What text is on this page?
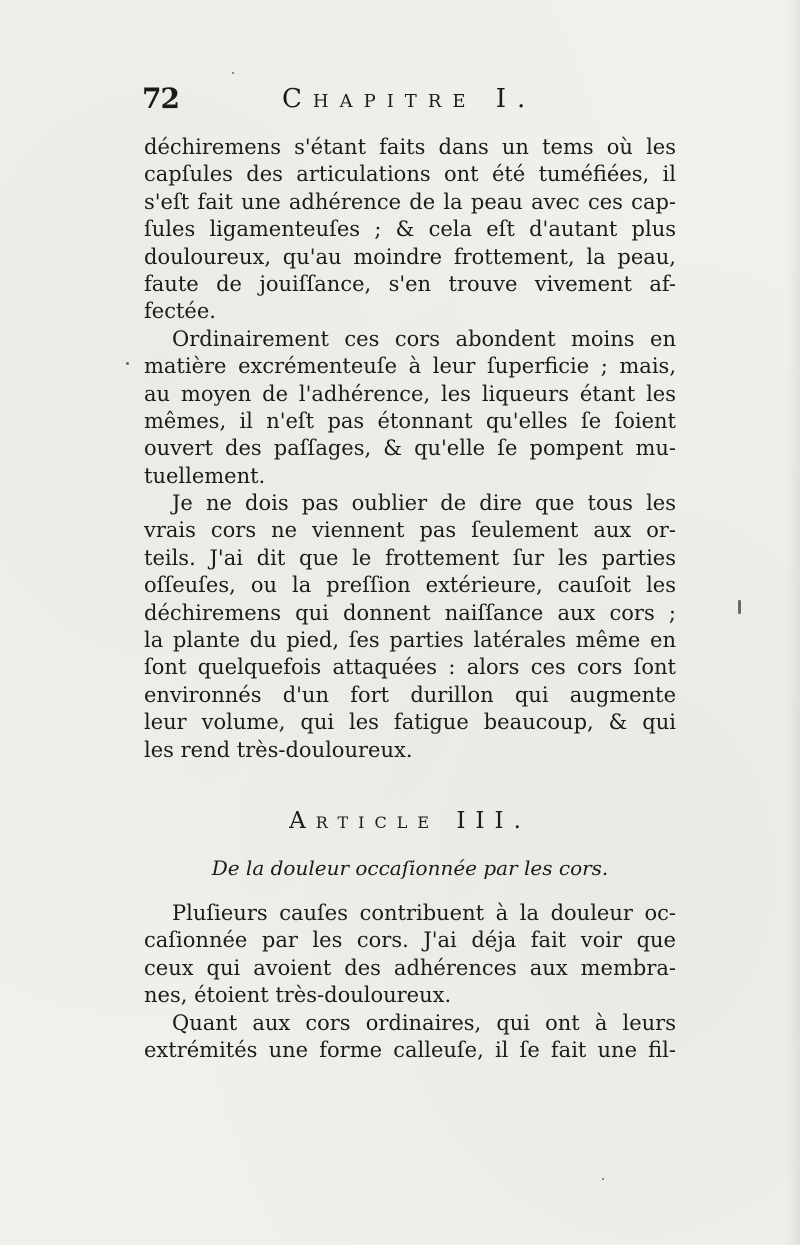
72	Chapitre I.
déchiremens s'étant faits dans un tems où les
capſules des articulations ont été tuméfiées, il
s'eſt fait une adhérence de la peau avec ces cap-
ſules ligamenteuſes ; & cela eſt d'autant plus
douloureux, qu'au moindre frottement, la peau,
faute de jouiſſance, s'en trouve vivement af-
fectée.
Ordinairement ces cors abondent moins en
matière excrémenteuſe à leur ſuperficie ; mais,
au moyen de l'adhérence, les liqueurs étant les
mêmes, il n'eſt pas étonnant qu'elles ſe ſoient
ouvert des paſſages, & qu'elle ſe pompent mu-
tuellement.
Je ne dois pas oublier de dire que tous les
vrais cors ne viennent pas ſeulement aux or-
teils. J'ai dit que le frottement ſur les parties
oſſeuſes, ou la preſſion extérieure, cauſoit les
déchiremens qui donnent naiſſance aux cors ;
la plante du pied, ſes parties latérales même en
ſont quelquefois attaquées : alors ces cors ſont
environnés d'un fort durillon qui augmente
leur volume, qui les fatigue beaucoup, & qui
les rend très-douloureux.
Article III.
De la douleur occaſionnée par les cors.
Pluſieurs cauſes contribuent à la douleur oc-
caſionnée par les cors. J'ai déja fait voir que
ceux qui avoient des adhérences aux membra-
nes, étoient très-douloureux.
Quant aux cors ordinaires, qui ont à leurs
extrémités une forme calleuſe, il ſe fait une fil-
